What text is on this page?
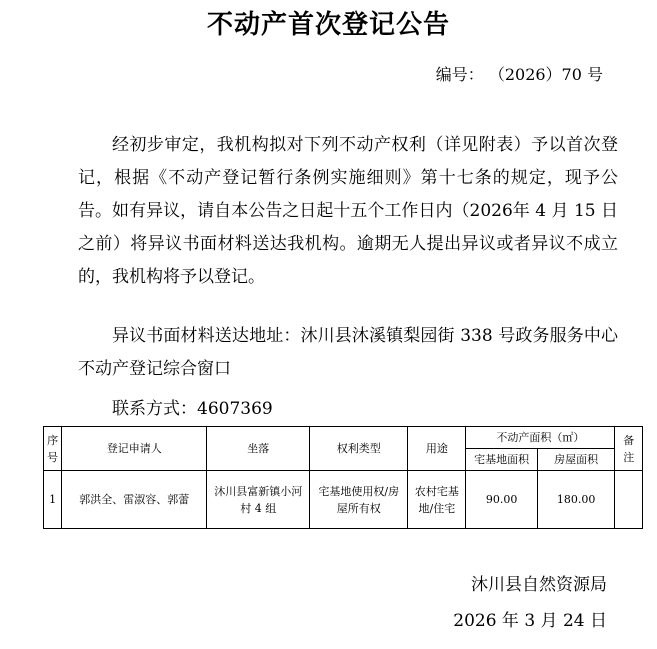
不动产首次登记公告
编号： （2026）70 号
经初步审定，我机构拟对下列不动产权利（详见附表）予以首次登记，根据《不动产登记暂行条例实施细则》第十七条的规定，现予公告。如有异议，请自本公告之日起十五个工作日内（2026年 4 月 15 日之前）将异议书面材料送达我机构。逾期无人提出异议或者异议不成立的，我机构将予以登记。
异议书面材料送达地址：沐川县沐溪镇梨园街 338 号政务服务中心不动产登记综合窗口
联系方式：4607369
序号	登记申请人	坐落	权利类型	用途	不动产面积（㎡）		备注
					宅基地面积	房屋面积	
1	郭洪全、雷淑容、郭蕾	沐川县富新镇小河村 4 组	宅基地使用权/房屋所有权	农村宅基地/住宅	90.00	180.00	
沐川县自然资源局
2026 年 3 月 24 日
